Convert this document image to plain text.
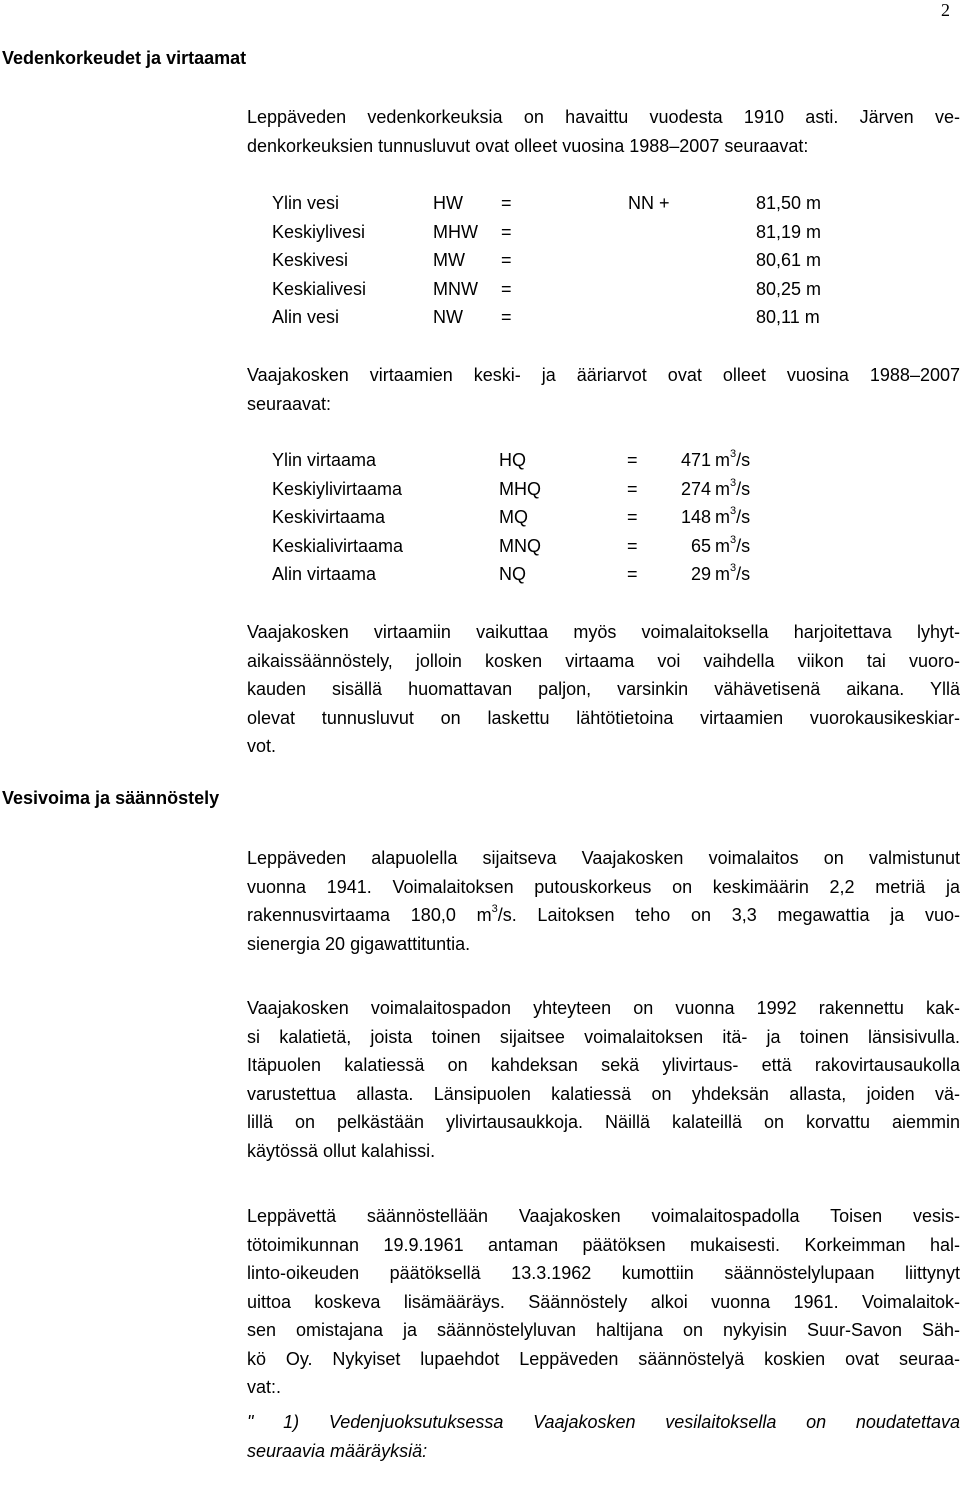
2
Vedenkorkeudet ja virtaamat

Leppäveden vedenkorkeuksia on havaittu vuodesta 1910 asti. Järven ve-

denkorkeuksien tunnusluvut ovat olleet vuosina 1988–2007 seuraavat:

Ylin vesi	HW =	NN +	81,50 m
Keskiylivesi	MHW =	81,19 m
Keskivesi	MW =	80,61 m
Keskialivesi	MNW =	80,25 m
Alin vesi	NW =	80,11 m

Vaajakosken virtaamien keski- ja ääriarvot ovat olleet vuosina 1988–2007

seuraavat:

Ylin virtaama	HQ	=	471 $m^3/s$
Keskiylivirtaama	MHQ	=	274 $m^3/s$
Keskivirtaama	MQ	=	148 $m^3/s$
Keskialivirtaama	MNQ	=	65 $m^3/s$
Alin virtaama	NQ	=	29 $m^3/s$

Vaajakosken virtaamiin vaikuttaa myös voimalaitoksella harjoitettava lyhyt-

aikaissäännöstely, jolloin kosken virtaama voi vaihdella viikon tai vuoro-

kauden sisällä huomattavan paljon, varsinkin vähävetisenä aikana. Yllä

olevat tunnusluvut on laskettu lähtötietoina virtaamien vuorokausikeskiar-

vot.

Vesivoima ja säännöstely

Leppäveden alapuolella sijaitseva Vaajakosken voimalaitos on valmistunut

vuonna 1941. Voimalaitoksen putouskorkeus on keskimäärin 2,2 metriä ja

rakennusvirtaama 180,0 $m^3/s$. Laitoksen teho on 3,3 megawattia ja vuo-

sienergia 20 gigawattituntia.

Vaajakosken voimalaitospadon yhteyteen on vuonna 1992 rakennettu kak-

si kalatietä, joista toinen sijaitsee voimalaitoksen itä- ja toinen länsisivulla.

Itäpuolen kalatiessä on kahdeksan sekä ylivirtaus- että rakovirtausaukolla

varustettua allasta. Länsipuolen kalatiessä on yhdeksän allasta, joiden vä-

lillä on pelkästään ylivirtausaukkoja. Näillä kalateillä on korvattu aiemmin

käytössä ollut kalahissi.

Leppävettä säännöstellään Vaajakosken voimalaitospadolla Toisen vesis-

tötoimikunnan 19.9.1961 antaman päätöksen mukaisesti. Korkeimman hal-

linto-oikeuden päätöksellä 13.3.1962 kumottiin säännöstelylupaan liittynyt

uittoa koskeva lisämääräys. Säännöstely alkoi vuonna 1961. Voimalaitok-

sen omistajana ja säännöstelyluvan haltijana on nykyisin Suur-Savon Säh-

kö Oy. Nykyiset lupaehdot Leppäveden säännöstelyä koskien ovat seuraa-

vat:.

" 1) Vedenjuoksutuksessa Vaajakosken vesilaitoksella on noudatettava

seuraavia määräyksiä:
